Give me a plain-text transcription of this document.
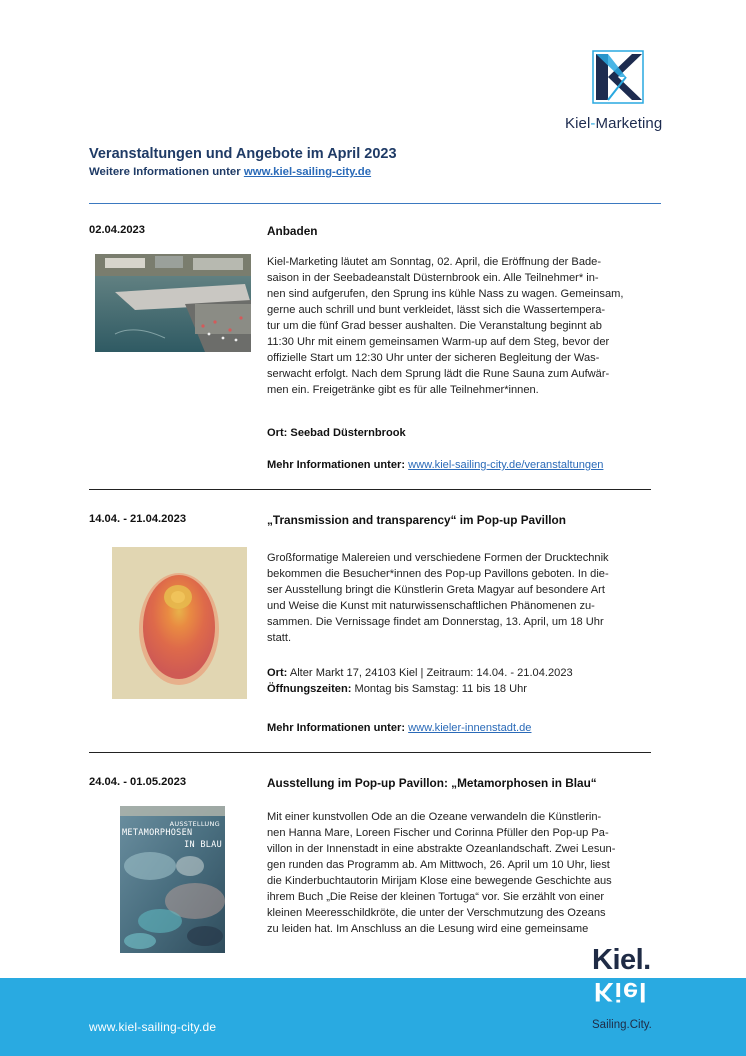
Kiel-Marketing
Veranstaltungen und Angebote im April 2023
Weitere Informationen unter www.kiel-sailing-city.de
02.04.2023	Anbaden
Kiel-Marketing läutet am Sonntag, 02. April, die Eröffnung der Bade-
saison in der Seebadeanstalt Düsternbrook ein. Alle Teilnehmer* in-
nen sind aufgerufen, den Sprung ins kühle Nass zu wagen. Gemeinsam,
gerne auch schrill und bunt verkleidet, lässt sich die Wassertempera-
tur um die fünf Grad besser aushalten. Die Veranstaltung beginnt ab
11:30 Uhr mit einem gemeinsamen Warm-up auf dem Steg, bevor der
offizielle Start um 12:30 Uhr unter der sicheren Begleitung der Was-
serwacht erfolgt. Nach dem Sprung lädt die Rune Sauna zum Aufwär-
men ein. Freigetränke gibt es für alle Teilnehmer*innen.
Ort: Seebad Düsternbrook
Mehr Informationen unter: www.kiel-sailing-city.de/veranstaltungen
14.04. - 21.04.2023	„Transmission and transparency“ im Pop-up Pavillon
Großformatige Malereien und verschiedene Formen der Drucktechnik
bekommen die Besucher*innen des Pop-up Pavillons geboten. In die-
ser Ausstellung bringt die Künstlerin Greta Magyar auf besondere Art
und Weise die Kunst mit naturwissenschaftlichen Phänomenen zu-
sammen. Die Vernissage findet am Donnerstag, 13. April, um 18 Uhr
statt.
Ort: Alter Markt 17, 24103 Kiel | Zeitraum: 14.04. - 21.04.2023
Öffnungszeiten: Montag bis Samstag: 11 bis 18 Uhr
Mehr Informationen unter: www.kieler-innenstadt.de
24.04. - 01.05.2023	Ausstellung im Pop-up Pavillon: „Metamorphosen in Blau“
AUSSTELLUNG
METAMORPHOSEN
IN BLAU
Mit einer kunstvollen Ode an die Ozeane verwandeln die Künstlerin-
nen Hanna Mare, Loreen Fischer und Corinna Pfüller den Pop-up Pa-
villon in der Innenstadt in eine abstrakte Ozeanlandschaft. Zwei Lesun-
gen runden das Programm ab. Am Mittwoch, 26. April um 10 Uhr, liest
die Kinderbuchtautorin Mirijam Klose eine bewegende Geschichte aus
ihrem Buch „Die Reise der kleinen Tortuga“ vor. Sie erzählt von einer
kleinen Meeresschildkröte, die unter der Verschmutzung des Ozeans
zu leiden hat. Im Anschluss an die Lesung wird eine gemeinsame
www.kiel-sailing-city.de
Kiel.
Kiel
Sailing.City.
